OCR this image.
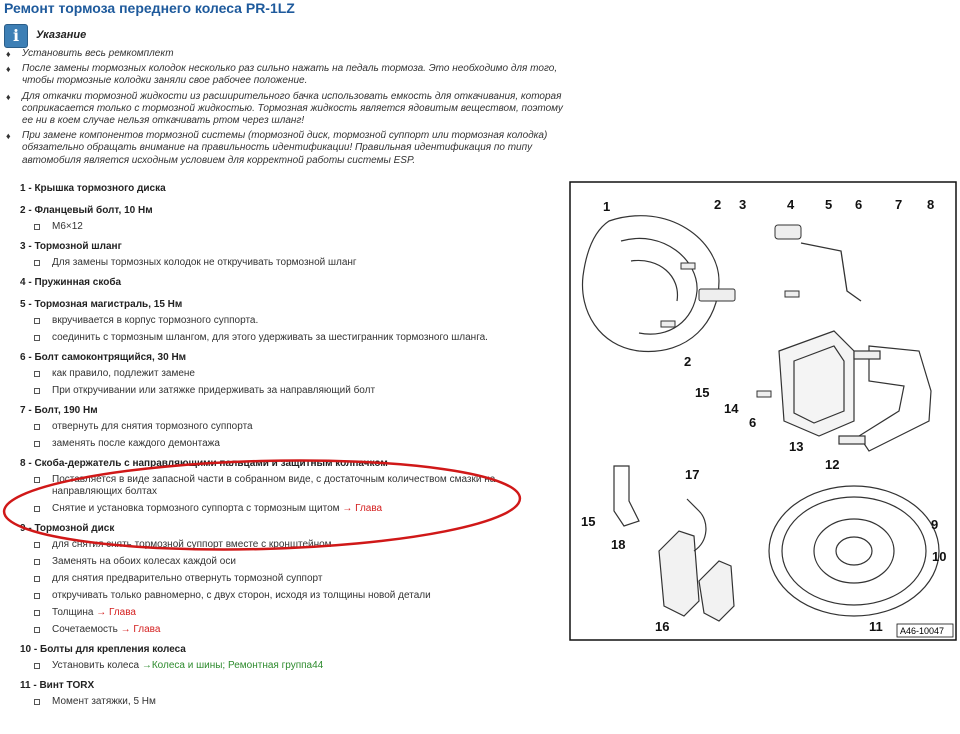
Ремонт тормоза переднего колеса PR-1LZ
i	Указание
♦ Установить весь ремкомплект
♦ После замены тормозных колодок несколько раз сильно нажать на педаль тормоза. Это необходимо для того, чтобы тормозные колодки заняли свое рабочее положение.
♦ Для откачки тормозной жидкости из расширительного бачка использовать емкость для откачивания, которая соприкасается только с тормозной жидкостью. Тормозная жидкость является ядовитым веществом, поэтому ее ни в коем случае нельзя откачивать ртом через шланг!
♦ При замене компонентов тормозной системы (тормозной диск, тормозной суппорт или тормозная колодка) обязательно обращать внимание на правильность идентификации! Правильная идентификация по типу автомобиля является исходным условием для корректной работы системы ESP.
1 - Крышка тормозного диска
2 - Фланцевый болт, 10 Нм
M6×12
3 - Тормозной шланг
Для замены тормозных колодок не откручивать тормозной шланг
4 - Пружинная скоба
5 - Тормозная магистраль, 15 Нм
вкручивается в корпус тормозного суппорта.
соединить с тормозным шлангом, для этого удерживать за шестигранник тормозного шланга.
6 - Болт самоконтрящийся, 30 Нм
как правило, подлежит замене
При откручивании или затяжке придерживать за направляющий болт
7 - Болт, 190 Нм
отвернуть для снятия тормозного суппорта
заменять после каждого демонтажа
8 - Скоба-держатель с направляющими пальцами и защитным колпачком
Поставляется в виде запасной части в собранном виде, с достаточным количеством смазки на направляющих болтах
Снятие и установка тормозного суппорта с тормозным щитом → Глава
9 - Тормозной диск
для снятия снять тормозной суппорт вместе с кронштейном
Заменять на обоих колесах каждой оси
для снятия предварительно отвернуть тормозной суппорт
откручивать только равномерно, с двух сторон, исходя из толщины новой детали
Толщина → Глава
Сочетаемость → Глава
10 - Болты для крепления колеса
Установить колеса →Колеса и шины; Ремонтная группа44
11 - Винт TORX
Момент затяжки, 5 Нм
1	2 3	4 5 6	7 8
2
15
14
6
13
12
17
9
15
18
10
16	11 A46-10047
